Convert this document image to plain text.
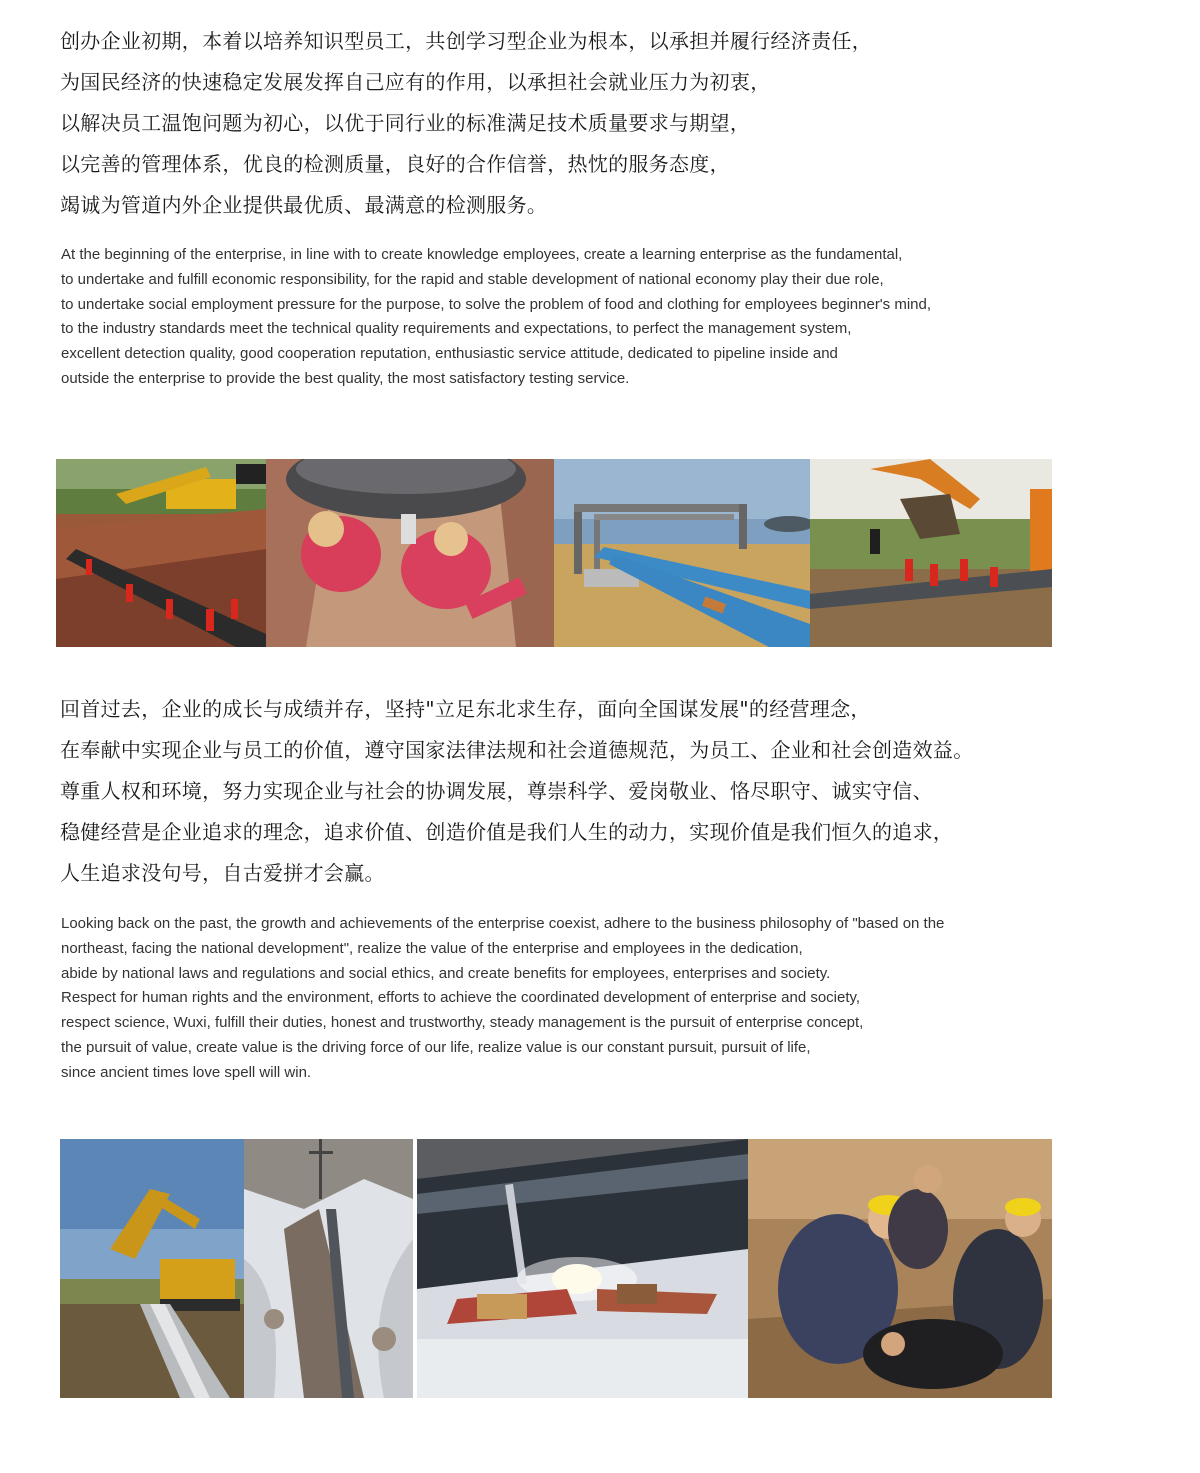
创办企业初期，本着以培养知识型员工，共创学习型企业为根本，以承担并履行经济责任，
为国民经济的快速稳定发展发挥自己应有的作用，以承担社会就业压力为初衷，
以解决员工温饱问题为初心，以优于同行业的标准满足技术质量要求与期望，
以完善的管理体系，优良的检测质量，良好的合作信誉，热忱的服务态度，
竭诚为管道内外企业提供最优质、最满意的检测服务。
At the beginning of the enterprise, in line with to create knowledge employees, create a learning enterprise as the fundamental,
to undertake and fulfill economic responsibility, for the rapid and stable development of national economy play their due role,
to undertake social employment pressure for the purpose, to solve the problem of food and clothing for employees beginner's mind,
to the industry standards meet the technical quality requirements and expectations, to perfect the management system,
excellent detection quality, good cooperation reputation, enthusiastic service attitude, dedicated to pipeline inside and
outside the enterprise to provide the best quality, the most satisfactory testing service.
回首过去，企业的成长与成绩并存，坚持"立足东北求生存，面向全国谋发展"的经营理念，
在奉献中实现企业与员工的价值，遵守国家法律法规和社会道德规范，为员工、企业和社会创造效益。
尊重人权和环境，努力实现企业与社会的协调发展，尊崇科学、爱岗敬业、恪尽职守、诚实守信、
稳健经营是企业追求的理念，追求价值、创造价值是我们人生的动力，实现价值是我们恒久的追求，
人生追求没句号，自古爱拼才会赢。
Looking back on the past, the growth and achievements of the enterprise coexist, adhere to the business philosophy of "based on the
northeast, facing the national development", realize the value of the enterprise and employees in the dedication,
abide by national laws and regulations and social ethics, and create benefits for employees, enterprises and society.
Respect for human rights and the environment, efforts to achieve the coordinated development of enterprise and society,
respect science, Wuxi, fulfill their duties, honest and trustworthy, steady management is the pursuit of enterprise concept,
the pursuit of value, create value is the driving force of our life, realize value is our constant pursuit, pursuit of life,
since ancient times love spell will win.
